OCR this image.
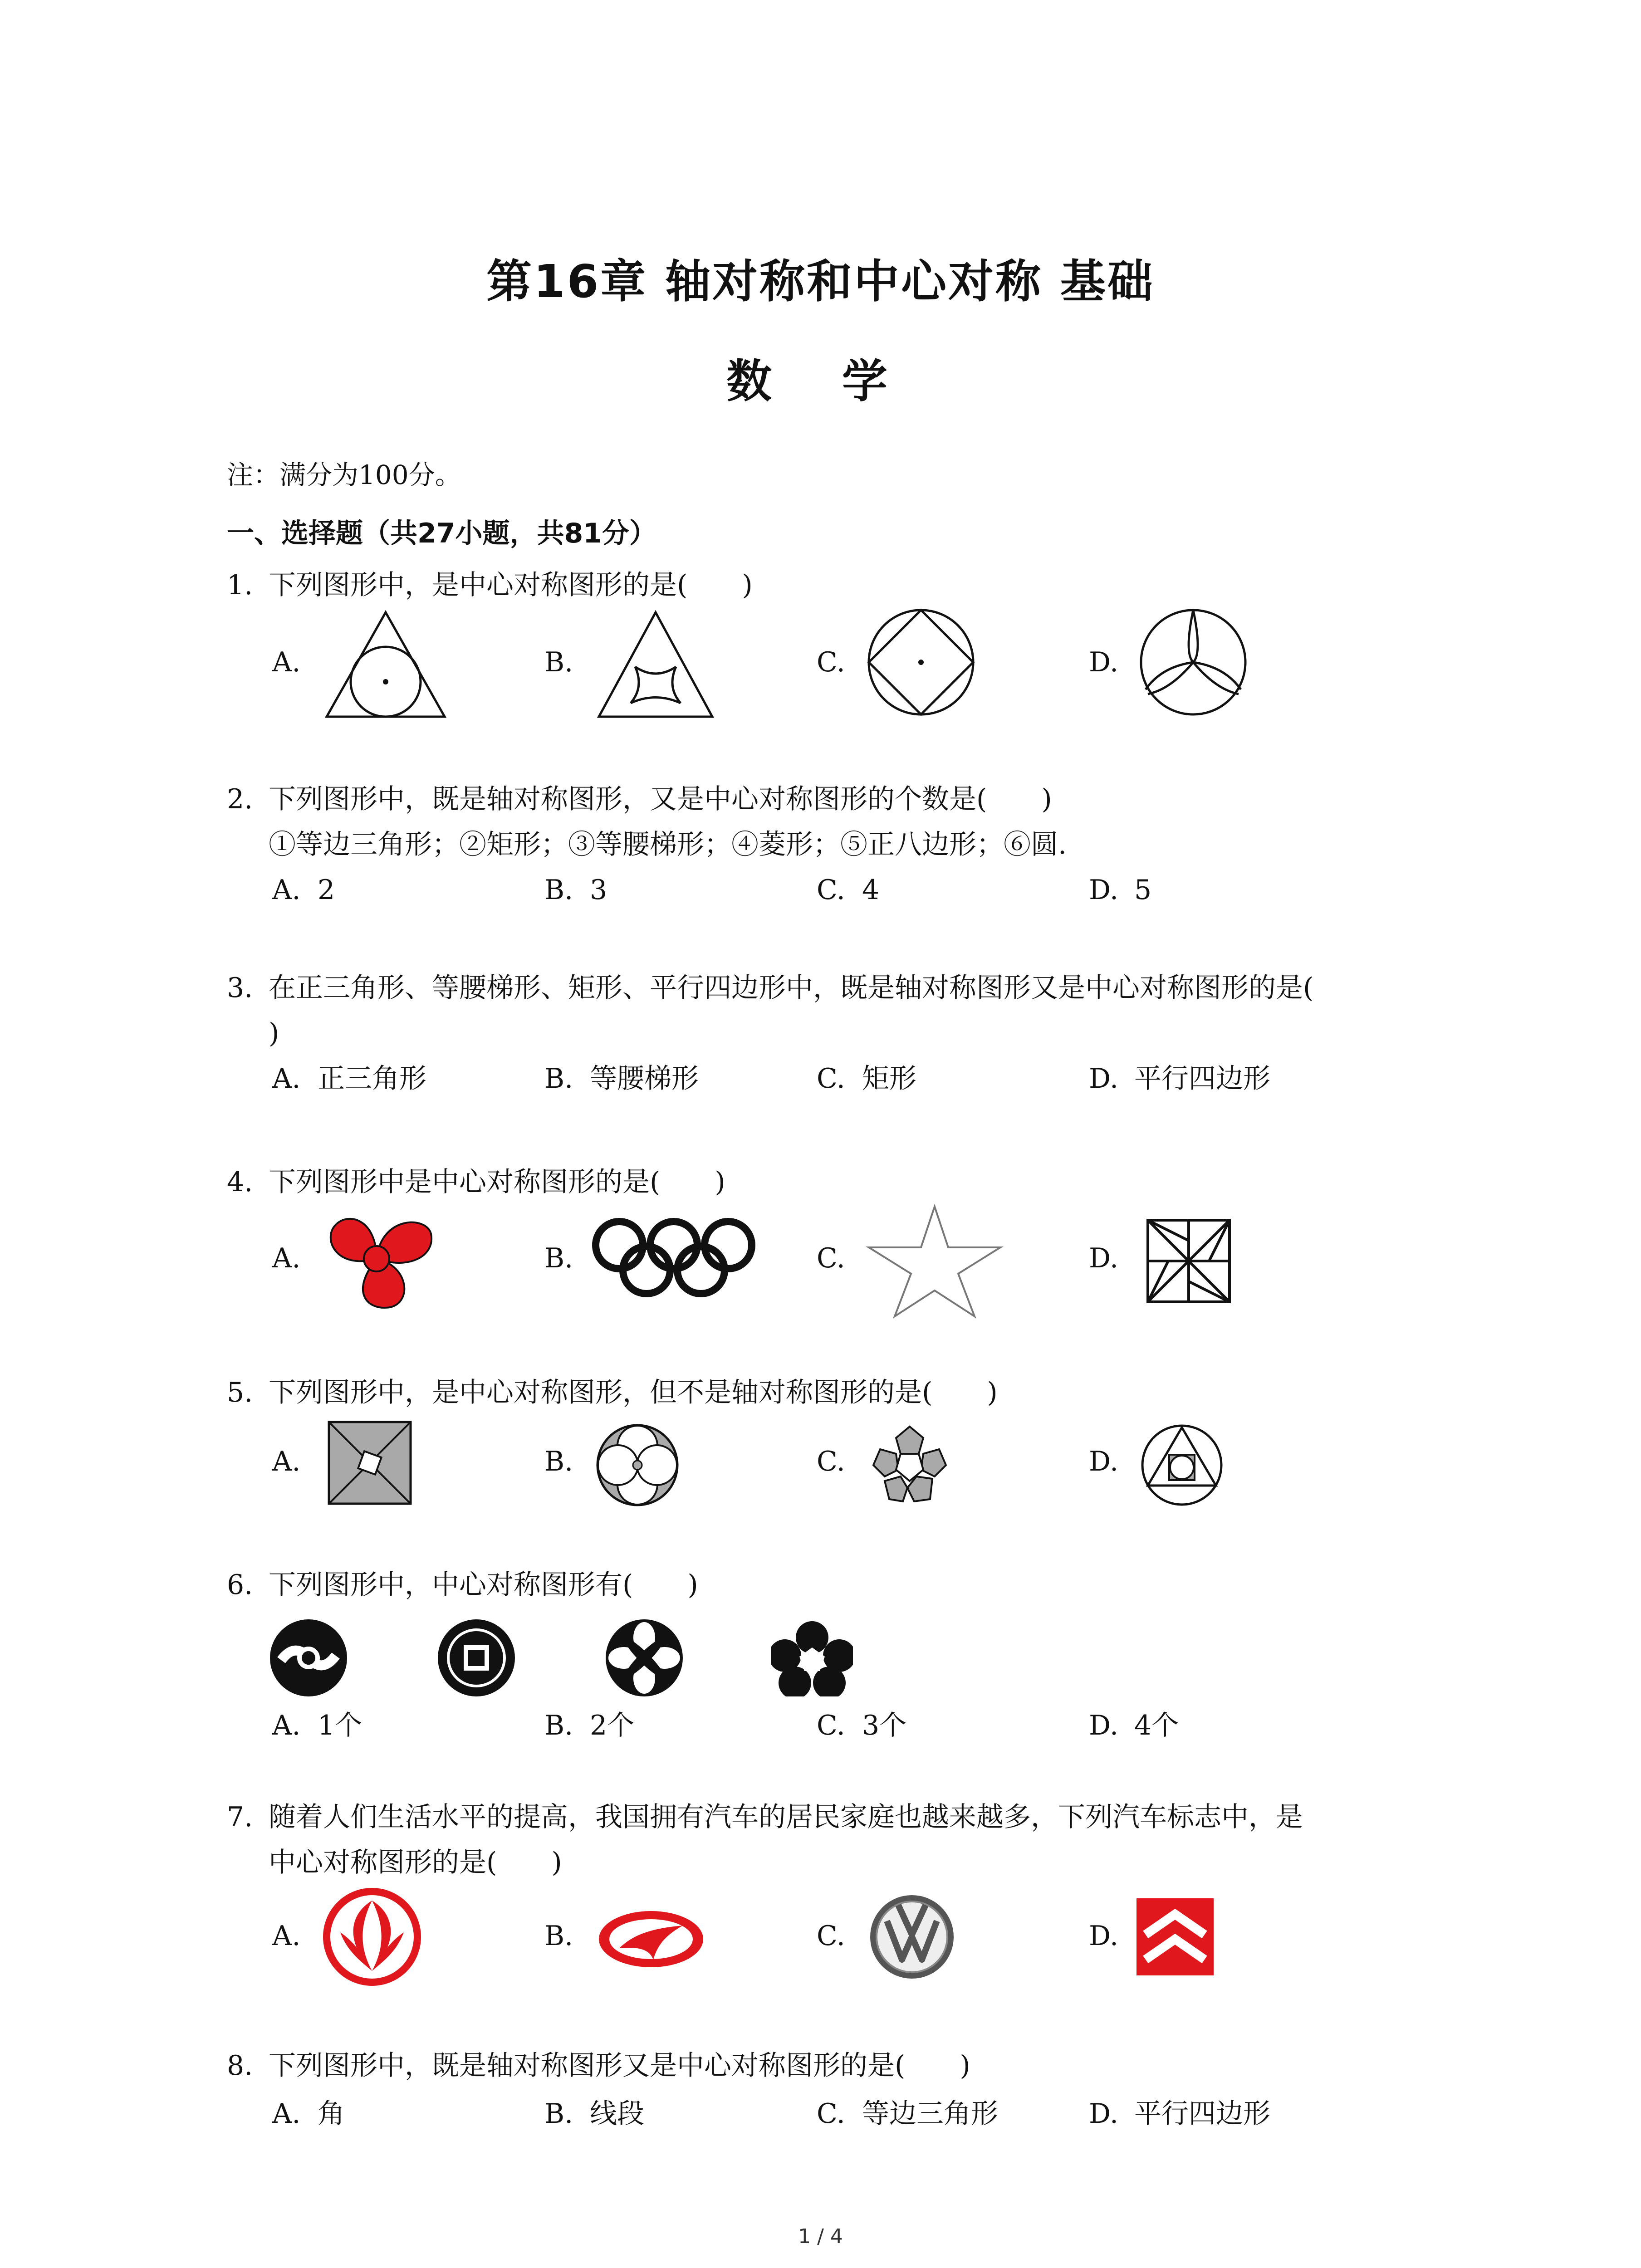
第16章 轴对称和中心对称 基础
数 学
注：满分为100分。
一、选择题（共27小题，共81分）
1. 下列图形中，是中心对称图形的是(　　)
A.	B.	C.	D.
2. 下列图形中，既是轴对称图形，又是中心对称图形的个数是(　　)
①等边三角形；②矩形；③等腰梯形；④菱形；⑤正八边形；⑥圆.
A. 2	B. 3	C. 4	D. 5
3. 在正三角形、等腰梯形、矩形、平行四边形中，既是轴对称图形又是中心对称图形的是(
)
A. 正三角形	B. 等腰梯形	C. 矩形	D. 平行四边形
4. 下列图形中是中心对称图形的是(　　)
A.	B.	C.	D.
5. 下列图形中，是中心对称图形，但不是轴对称图形的是(　　)
A.	B.	C.	D.
6. 下列图形中，中心对称图形有(　　)
A. 1个	B. 2个	C. 3个	D. 4个
7. 随着人们生活水平的提高，我国拥有汽车的居民家庭也越来越多，下列汽车标志中，是
中心对称图形的是(　　)
A.	B.	C.	D.
8. 下列图形中，既是轴对称图形又是中心对称图形的是(　　)
A. 角	B. 线段	C. 等边三角形	D. 平行四边形
1 / 4
